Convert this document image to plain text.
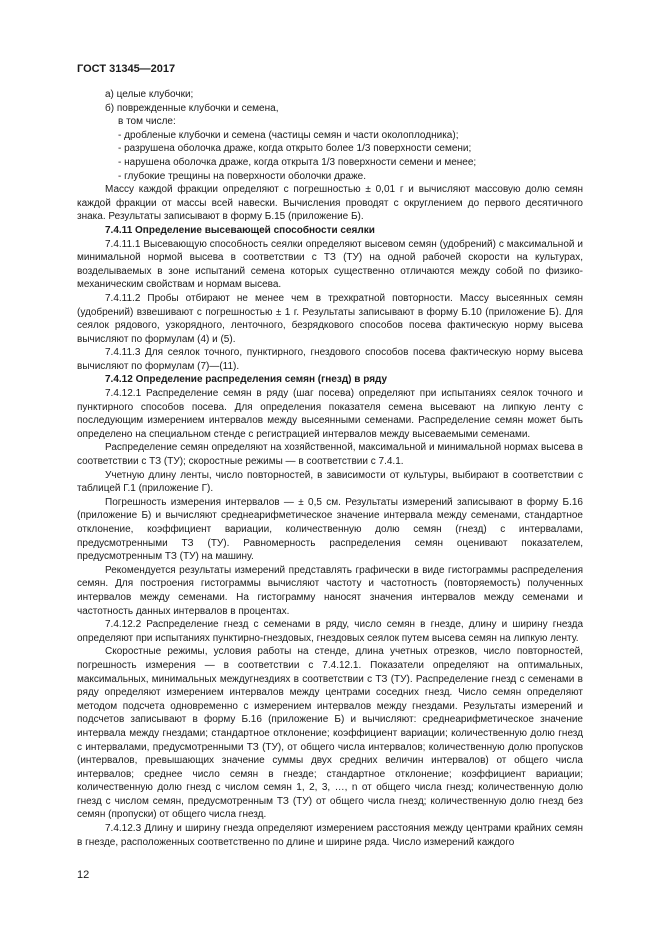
ГОСТ 31345—2017

а) целые клубочки;

б) поврежденные клубочки и семена,

в том числе:

- дробленые клубочки и семена (частицы семян и части околоплодника);

- разрушена оболочка драже, когда открыто более 1/3 поверхности семени;

- нарушена оболочка драже, когда открыта 1/3 поверхности семени и менее;

- глубокие трещины на поверхности оболочки драже.

Массу каждой фракции определяют с погрешностью ± 0,01 г и вычисляют массовую долю семян каждой фракции от массы всей навески. Вычисления проводят с округлением до первого десятичного знака. Результаты записывают в форму Б.15 (приложение Б).

7.4.11 Определение высевающей способности сеялки

7.4.11.1 Высевающую способность сеялки определяют высевом семян (удобрений) с максимальной и минимальной нормой высева в соответствии с ТЗ (ТУ) на одной рабочей скорости на культурах, возделываемых в зоне испытаний семена которых существенно отличаются между собой по физико-механическим свойствам и нормам высева.

7.4.11.2 Пробы отбирают не менее чем в трехкратной повторности. Массу высеянных семян (удобрений) взвешивают с погрешностью ± 1 г. Результаты записывают в форму Б.10 (приложение Б). Для сеялок рядового, узкорядного, ленточного, безрядкового способов посева фактическую норму высева вычисляют по формулам (4) и (5).

7.4.11.3 Для сеялок точного, пунктирного, гнездового способов посева фактическую норму высева вычисляют по формулам (7)—(11).

7.4.12 Определение распределения семян (гнезд) в ряду

7.4.12.1 Распределение семян в ряду (шаг посева) определяют при испытаниях сеялок точного и пунктирного способов посева. Для определения показателя семена высевают на липкую ленту с последующим измерением интервалов между высеянными семенами. Распределение семян может быть определено на специальном стенде с регистрацией интервалов между высеваемыми семенами.

Распределение семян определяют на хозяйственной, максимальной и минимальной нормах высева в соответствии с ТЗ (ТУ); скоростные режимы — в соответствии с 7.4.1.

Учетную длину ленты, число повторностей, в зависимости от культуры, выбирают в соответствии с таблицей Г.1 (приложение Г).

Погрешность измерения интервалов — ± 0,5 см. Результаты измерений записывают в форму Б.16 (приложение Б) и вычисляют среднеарифметическое значение интервала между семенами, стандартное отклонение, коэффициент вариации, количественную долю семян (гнезд) с интервалами, предусмотренными ТЗ (ТУ). Равномерность распределения семян оценивают показателем, предусмотренным ТЗ (ТУ) на машину.

Рекомендуется результаты измерений представлять графически в виде гистограммы распределения семян. Для построения гистограммы вычисляют частоту и частотность (повторяемость) полученных интервалов между семенами. На гистограмму наносят значения интервалов между семенами и частотность данных интервалов в процентах.

7.4.12.2 Распределение гнезд с семенами в ряду, число семян в гнезде, длину и ширину гнезда определяют при испытаниях пунктирно-гнездовых, гнездовых сеялок путем высева семян на липкую ленту.

Скоростные режимы, условия работы на стенде, длина учетных отрезков, число повторностей, погрешность измерения — в соответствии с 7.4.12.1. Показатели определяют на оптимальных, максимальных, минимальных междугнездиях в соответствии с ТЗ (ТУ). Распределение гнезд с семенами в ряду определяют измерением интервалов между центрами соседних гнезд. Число семян определяют методом подсчета одновременно с измерением интервалов между гнездами. Результаты измерений и подсчетов записывают в форму Б.16 (приложение Б) и вычисляют: среднеарифметическое значение интервала между гнездами; стандартное отклонение; коэффициент вариации; количественную долю гнезд с интервалами, предусмотренными ТЗ (ТУ), от общего числа интервалов; количественную долю пропусков (интервалов, превышающих значение суммы двух средних величин интервалов) от общего числа интервалов; среднее число семян в гнезде; стандартное отклонение; коэффициент вариации; количественную долю гнезд с числом семян 1, 2, 3, …, n от общего числа гнезд; количественную долю гнезд с числом семян, предусмотренным ТЗ (ТУ) от общего числа гнезд; количественную долю гнезд без семян (пропуски) от общего числа гнезд.

7.4.12.3 Длину и ширину гнезда определяют измерением расстояния между центрами крайних семян в гнезде, расположенных соответственно по длине и ширине ряда. Число измерений каждого

12
